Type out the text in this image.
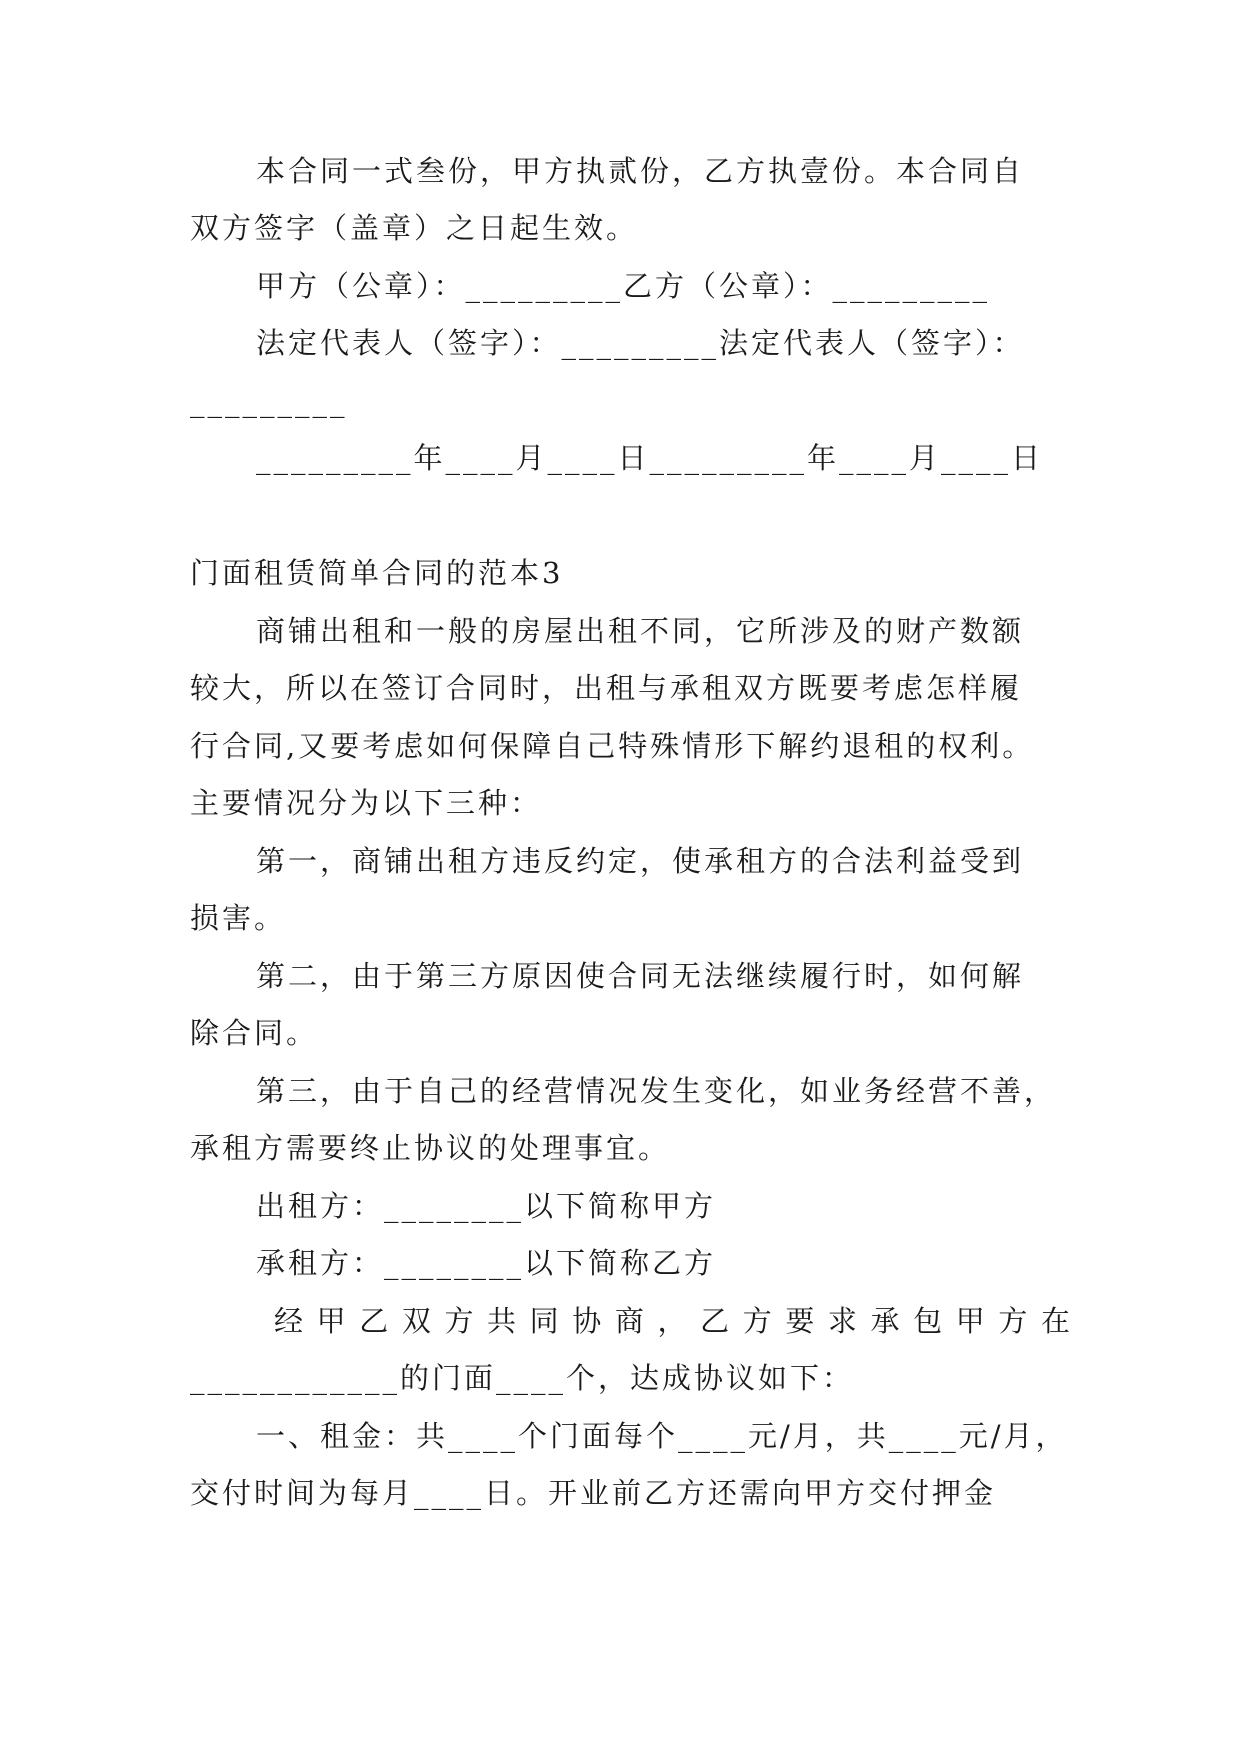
本合同一式叁份，甲方执贰份，乙方执壹份。本合同自
双方签字（盖章）之日起生效。
甲方（公章）：_________乙方（公章）：_________
法定代表人（签字）：_________法定代表人（签字）：
_________
_________年____月____日_________年____月____日
门面租赁简单合同的范本3
商铺出租和一般的房屋出租不同，它所涉及的财产数额
较大，所以在签订合同时，出租与承租双方既要考虑怎样履
行合同,又要考虑如何保障自己特殊情形下解约退租的权利。
主要情况分为以下三种：
第一，商铺出租方违反约定，使承租方的合法利益受到
损害。
第二，由于第三方原因使合同无法继续履行时，如何解
除合同。
第三，由于自己的经营情况发生变化，如业务经营不善，
承租方需要终止协议的处理事宜。
出租方：________以下简称甲方
承租方：________以下简称乙方
经甲乙双方共同协商，乙方要求承包甲方在
____________的门面____个，达成协议如下：
一、租金：共____个门面每个____元/月，共____元/月，
交付时间为每月____日。开业前乙方还需向甲方交付押金
